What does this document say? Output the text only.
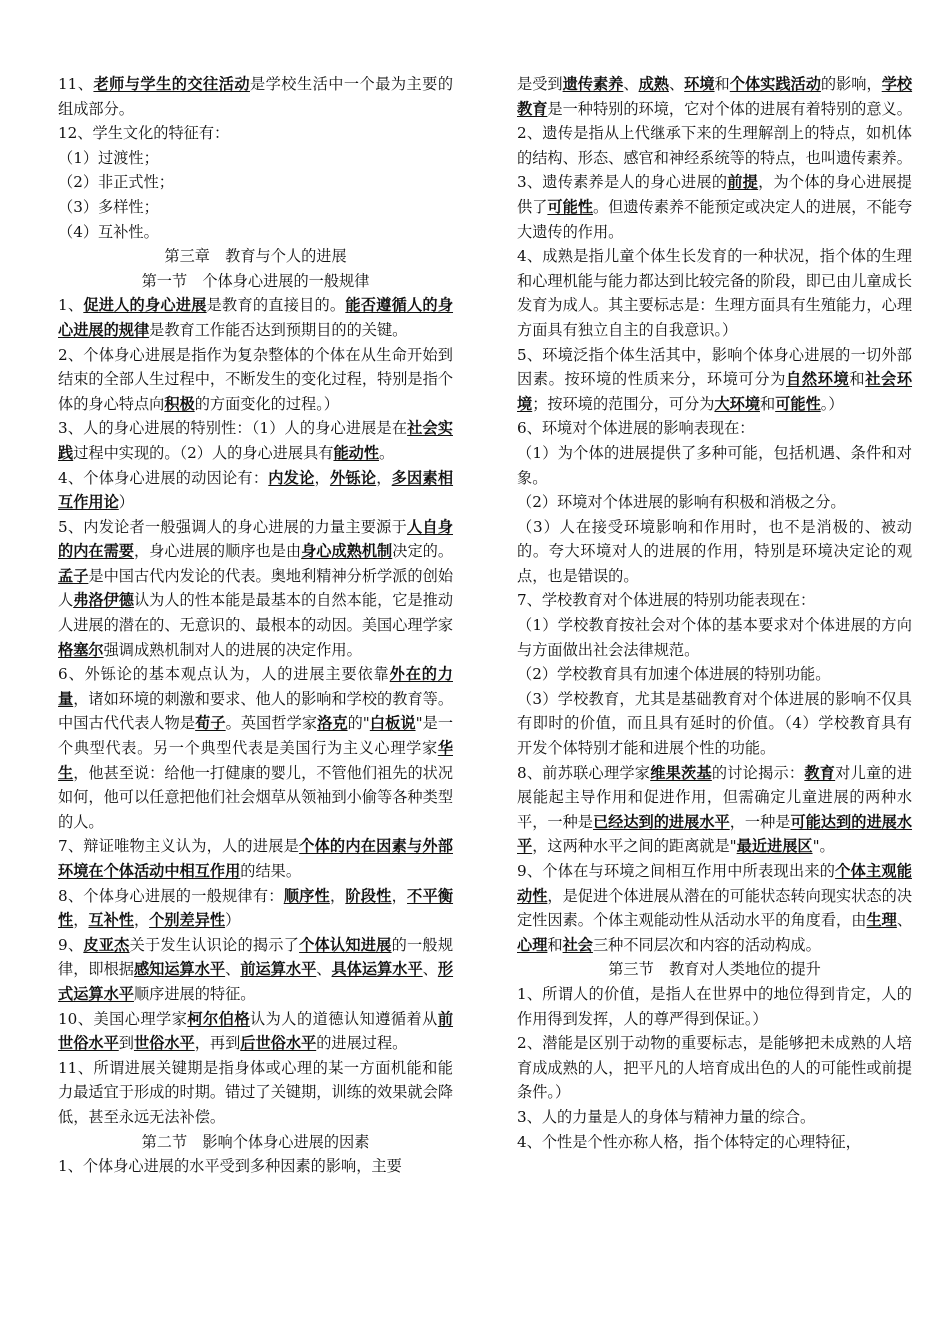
11、老师与学生的交往活动是学校生活中一个最为主要的组成部分。

12、学生文化的特征有：

（1）过渡性；

（2）非正式性；

（3）多样性；

（4）互补性。

第三章　教育与个人的进展

第一节　个体身心进展的一般规律

1、促进人的身心进展是教育的直接目的。能否遵循人的身心进展的规律是教育工作能否达到预期目的的关键。

2、个体身心进展是指作为复杂整体的个体在从生命开始到结束的全部人生过程中，不断发生的变化过程，特别是指个体的身心特点向积极的方面变化的过程。）

3、人的身心进展的特别性：（1）人的身心进展是在社会实践过程中实现的。（2）人的身心进展具有能动性。

4、个体身心进展的动因论有：内发论，外铄论，多因素相互作用论）

5、内发论者一般强调人的身心进展的力量主要源于人自身的内在需要，身心进展的顺序也是由身心成熟机制决定的。孟子是中国古代内发论的代表。奥地利精神分析学派的创始人弗洛伊德认为人的性本能是最基本的自然本能，它是推动人进展的潜在的、无意识的、最根本的动因。美国心理学家格塞尔强调成熟机制对人的进展的决定作用。

6、外铄论的基本观点认为，人的进展主要依靠外在的力量，诸如环境的刺激和要求、他人的影响和学校的教育等。中国古代代表人物是荀子。英国哲学家洛克的"白板说"是一个典型代表。另一个典型代表是美国行为主义心理学家华生，他甚至说：给他一打健康的婴儿，不管他们祖先的状况如何，他可以任意把他们社会烟草从领袖到小偷等各种类型的人。

7、辩证唯物主义认为，人的进展是个体的内在因素与外部环境在个体活动中相互作用的结果。

8、个体身心进展的一般规律有：顺序性，阶段性，不平衡性，互补性，个别差异性）

9、皮亚杰关于发生认识论的揭示了个体认知进展的一般规律，即根据感知运算水平、前运算水平、具体运算水平、形式运算水平顺序进展的特征。

10、美国心理学家柯尔伯格认为人的道德认知遵循着从前世俗水平到世俗水平，再到后世俗水平的进展过程。

11、所谓进展关键期是指身体或心理的某一方面机能和能力最适宜于形成的时期。错过了关键期，训练的效果就会降低，甚至永远无法补偿。

第二节　影响个体身心进展的因素

1、个体身心进展的水平受到多种因素的影响，主要

是受到遗传素养、成熟、环境和个体实践活动的影响，学校教育是一种特别的环境，它对个体的进展有着特别的意义。

2、遗传是指从上代继承下来的生理解剖上的特点，如机体的结构、形态、感官和神经系统等的特点，也叫遗传素养。

3、遗传素养是人的身心进展的前提，为个体的身心进展提供了可能性。但遗传素养不能预定或决定人的进展，不能夸大遗传的作用。

4、成熟是指儿童个体生长发育的一种状况，指个体的生理和心理机能与能力都达到比较完备的阶段，即已由儿童成长发育为成人。其主要标志是：生理方面具有生殖能力，心理方面具有独立自主的自我意识。）

5、环境泛指个体生活其中，影响个体身心进展的一切外部因素。按环境的性质来分，环境可分为自然环境和社会环境；按环境的范围分，可分为大环境和可能性。）

6、环境对个体进展的影响表现在：

（1）为个体的进展提供了多种可能，包括机遇、条件和对象。

（2）环境对个体进展的影响有积极和消极之分。

（3）人在接受环境影响和作用时，也不是消极的、被动的。夸大环境对人的进展的作用，特别是环境决定论的观点，也是错误的。

7、学校教育对个体进展的特别功能表现在：

（1）学校教育按社会对个体的基本要求对个体进展的方向与方面做出社会法律规范。

（2）学校教育具有加速个体进展的特别功能。

（3）学校教育，尤其是基础教育对个体进展的影响不仅具有即时的价值，而且具有延时的价值。（4）学校教育具有开发个体特别才能和进展个性的功能。

8、前苏联心理学家维果茨基的讨论揭示：教育对儿童的进展能起主导作用和促进作用，但需确定儿童进展的两种水平，一种是已经达到的进展水平，一种是可能达到的进展水平，这两种水平之间的距离就是"最近进展区"。

9、个体在与环境之间相互作用中所表现出来的个体主观能动性，是促进个体进展从潜在的可能状态转向现实状态的决定性因素。个体主观能动性从活动水平的角度看，由生理、心理和社会三种不同层次和内容的活动构成。

第三节　教育对人类地位的提升

1、所谓人的价值，是指人在世界中的地位得到肯定，人的作用得到发挥，人的尊严得到保证。）

2、潜能是区别于动物的重要标志，是能够把未成熟的人培育成成熟的人，把平凡的人培育成出色的人的可能性或前提条件。）

3、人的力量是人的身体与精神力量的综合。

4、个性是个性亦称人格，指个体特定的心理特征，
